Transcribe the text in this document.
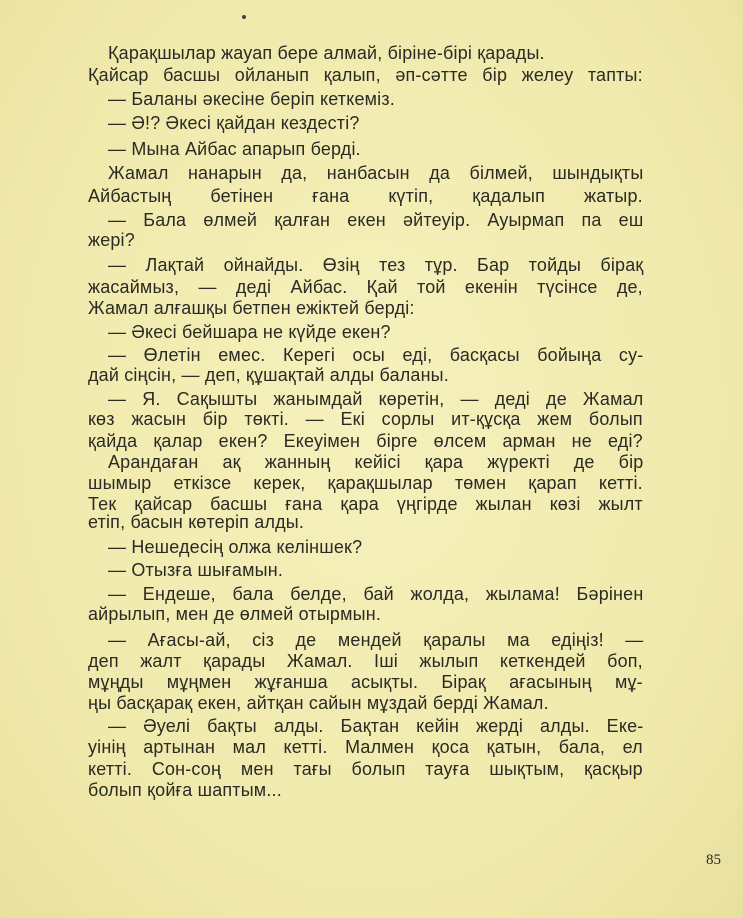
Қарақшылар жауап бере алмай, біріне-бірі қарады.
Қайсар басшы ойланып қалып, әп-сәтте бір желеу тапты:
— Баланы әкесіне беріп кеткеміз.
— Ә!? Әкесі қайдан кездесті?
— Мына Айбас апарып берді.
Жамал нанарын да, нанбасын да білмей, шындықты
Айбастың бетінен ғана күтіп, қадалып жатыр.
— Бала өлмей қалған екен әйтеуір. Ауырмап па еш
жері?
— Лақтай ойнайды. Өзің тез тұр. Бар тойды бірақ
жасаймыз, — деді Айбас. Қай той екенін түсінсе де,
Жамал алғашқы бетпен ежіктей берді:
— Әкесі бейшара не күйде екен?
— Өлетін емес. Керегі осы еді, басқасы бойыңа су-
дай сіңсін, — деп, құшақтай алды баланы.
— Я. Сақышты жанымдай көретін, — деді де Жамал
көз жасын бір төкті. — Екі сорлы ит-құсқа жем болып
қайда қалар екен? Екеуімен бірге өлсем арман не еді?
Арандаған ақ жанның кейісі қара жүректі де бір
шымыр еткізсе керек, қарақшылар төмен қарап кетті.
Тек қайсар басшы ғана қара үңгірде жылан көзі жылт
етіп, басын көтеріп алды.
— Нешедесің олжа келіншек?
— Отызға шығамын.
— Ендеше, бала белде, бай жолда, жылама! Бәрінен
айрылып, мен де өлмей отырмын.
— Ағасы-ай, сіз де мендей қаралы ма едіңіз! —
деп жалт қарады Жамал. Іші жылып кеткендей боп,
мұңды мұңмен жұғанша асықты. Бірақ ағасының мұ-
ңы басқарақ екен, айтқан сайын мұздай берді Жамал.
— Әуелі бақты алды. Бақтан кейін жерді алды. Еке-
уінің артынан мал кетті. Малмен қоса қатын, бала, ел
кетті. Сон-соң мен тағы болып тауға шықтым, қасқыр
болып қойға шаптым...
85
